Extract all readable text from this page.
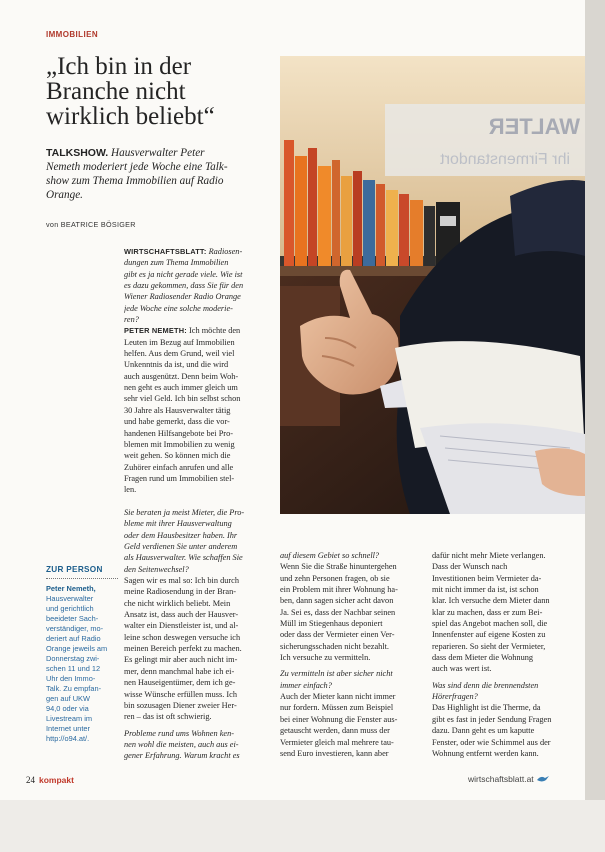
IMMOBILIEN
„Ich bin in der
Branche nicht
wirklich beliebt“
TALKSHOW. Hausverwalter Peter
Nemeth moderiert jede Woche eine Talk-
show zum Thema Immobilien auf Radio
Orange.
von BEATRICE BÖSIGER
WALTER
ihr Firmenstandort
WIRTSCHAFTSBLATT: Radiosen-
dungen zum Thema Immobilien
gibt es ja nicht gerade viele. Wie ist
es dazu gekommen, dass Sie für den
Wiener Radiosender Radio Orange
jede Woche eine solche moderie-
ren?
PETER NEMETH: Ich möchte den
Leuten im Bezug auf Immobilien
helfen. Aus dem Grund, weil viel
Unkenntnis da ist, und die wird
auch ausgenützt. Denn beim Woh-
nen geht es auch immer gleich um
sehr viel Geld. Ich bin selbst schon
30 Jahre als Hausverwalter tätig
und habe gemerkt, dass die vor-
handenen Hilfsangebote bei Pro-
blemen mit Immobilien zu wenig
weit gehen. So können mich die
Zuhörer einfach anrufen und alle
Fragen rund um Immobilien stel-
len.
Sie beraten ja meist Mieter, die Pro-
bleme mit ihrer Hausverwaltung
oder dem Hausbesitzer haben. Ihr
Geld verdienen Sie unter anderem
als Hausverwalter. Wie schaffen Sie
den Seitenwechsel?
Sagen wir es mal so: Ich bin durch
meine Radiosendung in der Bran-
che nicht wirklich beliebt. Mein
Ansatz ist, dass auch der Hausver-
walter ein Dienstleister ist, und al-
leine schon deswegen versuche ich
meinen Bereich perfekt zu machen.
Es gelingt mir aber auch nicht im-
mer, denn manchmal habe ich ei-
nen Hauseigentümer, dem ich ge-
wisse Wünsche erfüllen muss. Ich
bin sozusagen Diener zweier Her-
ren – das ist oft schwierig.
Probleme rund ums Wohnen ken-
nen wohl die meisten, auch aus ei-
gener Erfahrung. Warum kracht es
auf diesem Gebiet so schnell?
Wenn Sie die Straße hinuntergehen
und zehn Personen fragen, ob sie
ein Problem mit ihrer Wohnung ha-
ben, dann sagen sicher acht davon
Ja. Sei es, dass der Nachbar seinen
Müll im Stiegenhaus deponiert
oder dass der Vermieter einen Ver-
sicherungsschaden nicht bezahlt.
Ich versuche zu vermitteln.
Zu vermitteln ist aber sicher nicht
immer einfach?
Auch der Mieter kann nicht immer
nur fordern. Müssen zum Beispiel
bei einer Wohnung die Fenster aus-
getauscht werden, dann muss der
Vermieter gleich mal mehrere tau-
send Euro investieren, kann aber
dafür nicht mehr Miete verlangen.
Dass der Wunsch nach
Investitionen beim Vermieter da-
mit nicht immer da ist, ist schon
klar. Ich versuche dem Mieter dann
klar zu machen, dass er zum Bei-
spiel das Angebot machen soll, die
Innenfenster auf eigene Kosten zu
reparieren. So sieht der Vermieter,
dass dem Mieter die Wohnung
auch was wert ist.
Was sind denn die brennendsten
Hörerfragen?
Das Highlight ist die Therme, da
gibt es fast in jeder Sendung Fragen
dazu. Dann geht es um kaputte
Fenster, oder wie Schimmel aus der
Wohnung entfernt werden kann.
ZUR PERSON
Peter Nemeth,
Hausverwalter
und gerichtlich
beeideter Sach-
verständiger, mo-
deriert auf Radio
Orange jeweils am
Donnerstag zwi-
schen 11 und 12
Uhr den Immo-
Talk. Zu empfan-
gen auf UKW
94,0 oder via
Livestream im
Internet unter
http://o94.at/.
24 kompakt	wirtschaftsblatt.at
